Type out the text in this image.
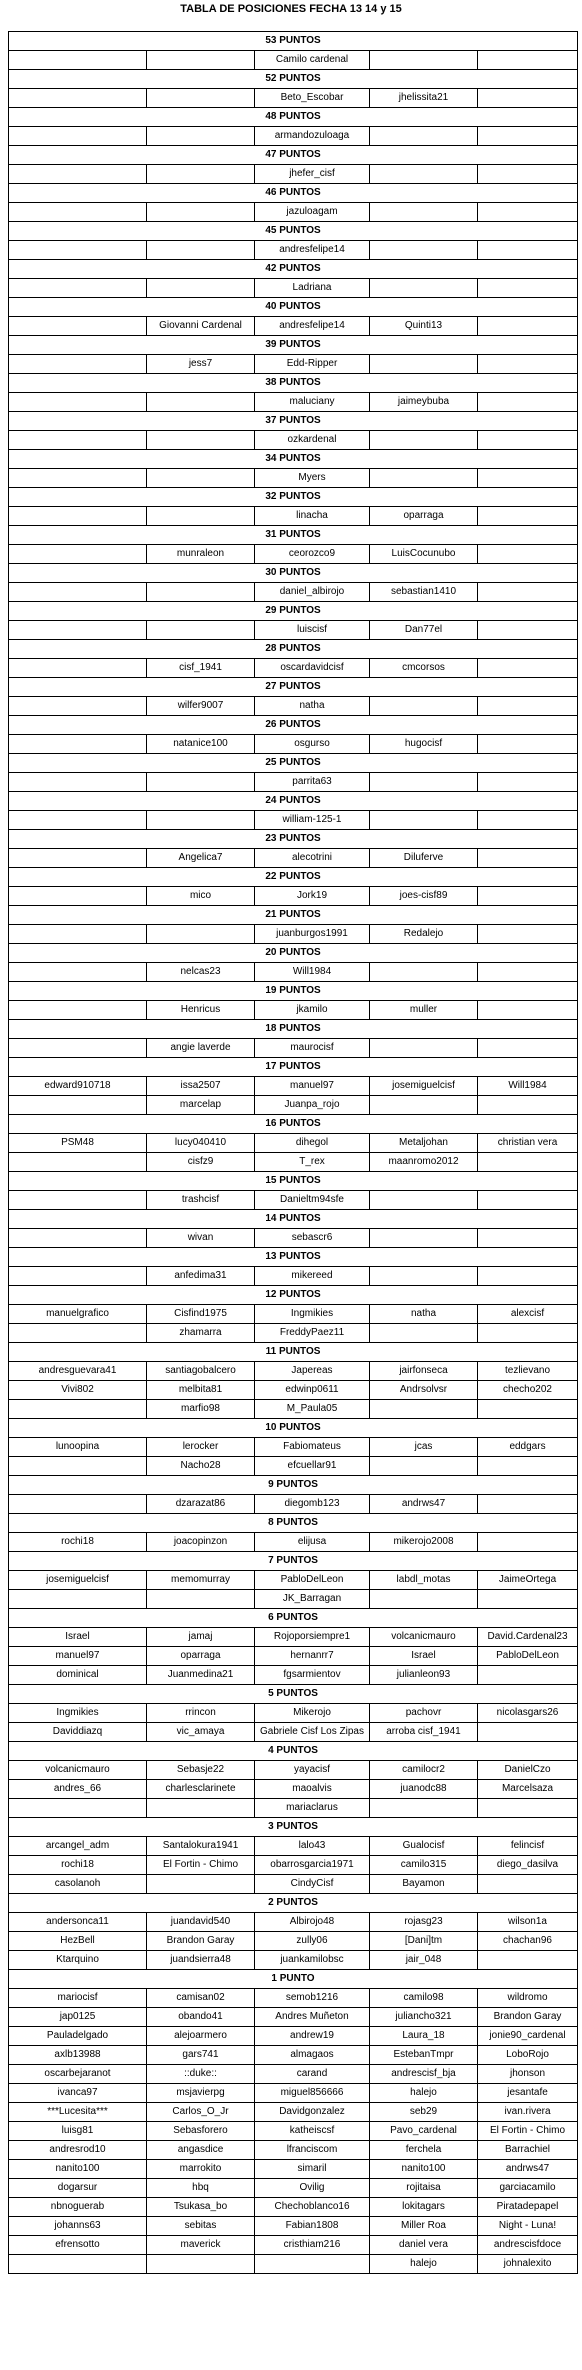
TABLA DE POSICIONES FECHA 13 14 y 15
53 PUNTOS				
		Camilo cardenal		
52 PUNTOS				
		Beto_Escobar	jhelissita21	
48 PUNTOS				
		armandozuloaga		
47 PUNTOS				
		jhefer_cisf		
46 PUNTOS				
		jazuloagam		
45 PUNTOS				
		andresfelipe14		
42 PUNTOS				
		Ladriana		
40 PUNTOS				
	Giovanni Cardenal	andresfelipe14	Quinti13	
39 PUNTOS				
	jess7	Edd-Ripper		
38 PUNTOS				
		maluciany	jaimeybuba	
37 PUNTOS				
		ozkardenal		
34 PUNTOS				
		Myers		
32 PUNTOS				
		linacha	oparraga	
31 PUNTOS				
	munraleon	ceorozco9	LuisCocunubo	
30 PUNTOS				
		daniel_albirojo	sebastian1410	
29 PUNTOS				
		luiscisf	Dan77el	
28 PUNTOS				
	cisf_1941	oscardavidcisf	cmcorsos	
27 PUNTOS				
	wilfer9007	natha		
26 PUNTOS				
	natanice100	osgurso	hugocisf	
25 PUNTOS				
		parrita63		
24 PUNTOS				
		william-125-1		
23 PUNTOS				
	Angelica7	alecotrini	Diluferve	
22 PUNTOS				
	mico	Jork19	joes-cisf89	
21 PUNTOS				
		juanburgos1991	Redalejo	
20 PUNTOS				
	nelcas23	Will1984		
19 PUNTOS				
	Henricus	jkamilo	muller	
18 PUNTOS				
	angie laverde	maurocisf		
17 PUNTOS				
edward910718	issa2507	manuel97	josemiguelcisf	Will1984
	marcelap	Juanpa_rojo		
16 PUNTOS				
PSM48	lucy040410	dihegol	Metaljohan	christian vera
	cisfz9	T_rex	maanromo2012	
15 PUNTOS				
	trashcisf	Danieltm94sfe		
14 PUNTOS				
	wivan	sebascr6		
13 PUNTOS				
	anfedima31	mikereed		
12 PUNTOS				
manuelgrafico	Cisfind1975	Ingmikies	natha	alexcisf
	zhamarra	FreddyPaez11		
11 PUNTOS				
andresguevara41	santiagobalcero	Japereas	jairfonseca	tezlievano
Vivi802	melbita81	edwinp0611	Andrsolvsr	checho202
	marfio98	M_Paula05		
10 PUNTOS				
lunoopina	lerocker	Fabiomateus	jcas	eddgars
	Nacho28	efcuellar91		
9 PUNTOS				
	dzarazat86	diegomb123	andrws47	
8 PUNTOS				
rochi18	joacopinzon	elijusa	mikerojo2008	
7 PUNTOS				
josemiguelcisf	memomurray	PabloDelLeon	labdl_motas	JaimeOrtega
		JK_Barragan		
6 PUNTOS				
Israel	jamaj	Rojoporsiempre1	volcanicmauro	David.Cardenal23
manuel97	oparraga	hernanrr7	Israel	PabloDelLeon
dominical	Juanmedina21	fgsarmientov	julianleon93	
5 PUNTOS				
Ingmikies	rrincon	Mikerojo	pachovr	nicolasgars26
Daviddiazq	vic_amaya	Gabriele Cisf Los Zipas	arroba cisf_1941	
4 PUNTOS				
volcanicmauro	Sebasje22	yayacisf	camilocr2	DanielCzo
andres_66	charlesclarinete	maoalvis	juanodc88	Marcelsaza
		mariaclarus		
3 PUNTOS				
arcangel_adm	Santalokura1941	lalo43	Gualocisf	felincisf
rochi18	El Fortin - Chimo	obarrosgarcia1971	camilo315	diego_dasilva
casolanoh		CindyCisf	Bayamon	
2 PUNTOS				
andersonca11	juandavid540	Albirojo48	rojasg23	wilson1a
HezBell	Brandon Garay	zully06	[Dani]tm	chachan96
Ktarquino	juandsierra48	juankamilobsc	jair_048	
1 PUNTO				
mariocisf	camisan02	semob1216	camilo98	wildromo
jap0125	obando41	Andres Muñeton	juliancho321	Brandon Garay
Pauladelgado	alejoarmero	andrew19	Laura_18	jonie90_cardenal
axlb13988	gars741	almagaos	EstebanTmpr	LoboRojo
oscarbejaranot	::duke::	carand	andrescisf_bja	jhonson
ivanca97	msjavierpg	miguel856666	halejo	jesantafe
***Lucesita***	Carlos_O_Jr	Davidgonzalez	seb29	ivan.rivera
luisg81	Sebasforero	katheiscsf	Pavo_cardenal	El Fortin - Chimo
andresrod10	angasdice	lfranciscom	ferchela	Barrachiel
nanito100	marrokito	simaril	nanito100	andrws47
dogarsur	hbq	Ovilig	rojitaisa	garciacamilo
nbnoguerab	Tsukasa_bo	Chechoblanco16	lokitagars	Piratadepapel
johanns63	sebitas	Fabian1808	Miller Roa	Night - Luna!
efrensotto	maverick	cristhiam216	daniel vera	andrescisfdoce
			halejo	johnalexito
